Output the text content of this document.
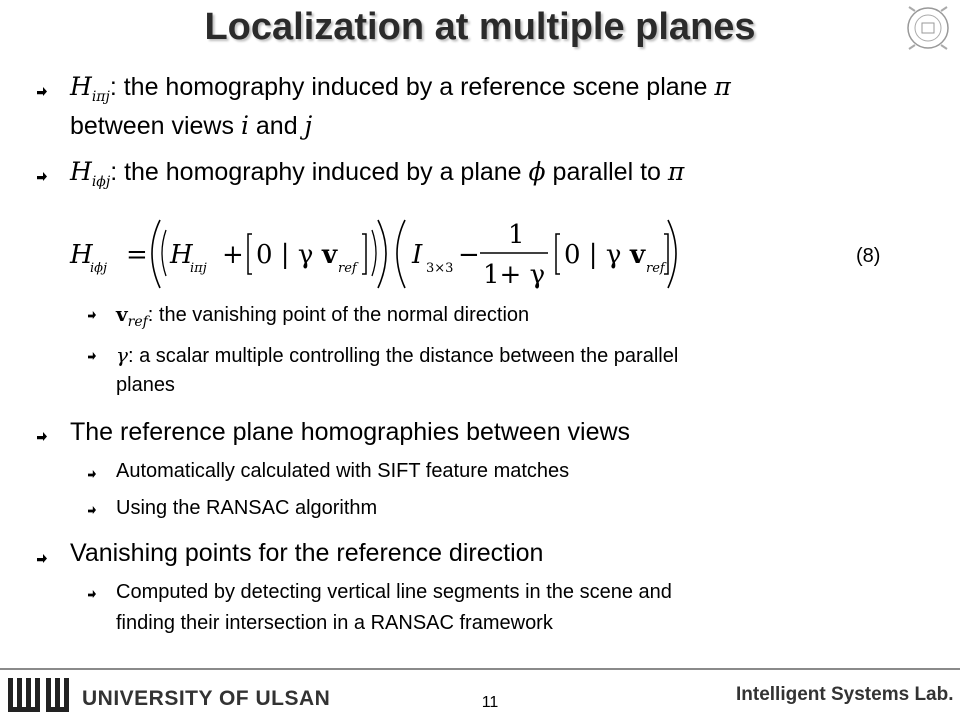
Localization at multiple planes
$H_{i\pi j}$: the homography induced by a reference scene plane π
between views i and j
$H_{i\phi j}$: the homography induced by a plane ϕ parallel to π
H
iϕj = H
iπj + 0 | γ v ref I 3×3 −
1
1+ γ
0 | γ v ref
(8)
$v_{ref}$: the vanishing point of the normal direction
γ: a scalar multiple controlling the distance between the parallel
planes
The reference plane homographies between views
Automatically calculated with SIFT feature matches
Using the RANSAC algorithm
Vanishing points for the reference direction
Computed by detecting vertical line segments in the scene and
finding their intersection in a RANSAC framework
UNIVERSITY OF ULSAN	11	Intelligent Systems Lab.
